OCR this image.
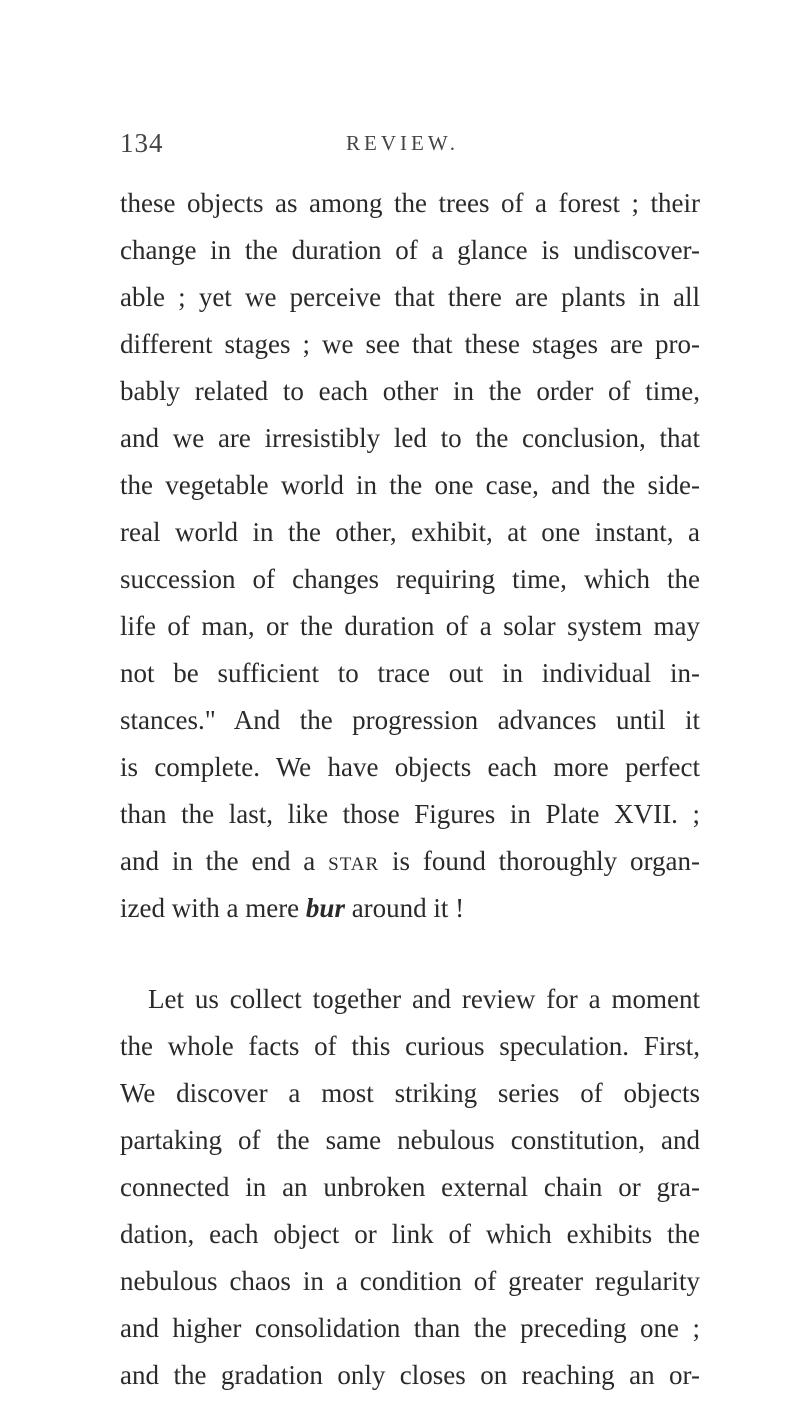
134	REVIEW.
these objects as among the trees of a forest ; their
change in the duration of a glance is undiscover-
able ; yet we perceive that there are plants in all
different stages ; we see that these stages are pro-
bably related to each other in the order of time,
and we are irresistibly led to the conclusion, that
the vegetable world in the one case, and the side-
real world in the other, exhibit, at one instant, a
succession of changes requiring time, which the
life of man, or the duration of a solar system may
not be sufficient to trace out in individual in-
stances." And the progression advances until it
is complete. We have objects each more perfect
than the last, like those Figures in Plate XVII. ;
and in the end a star is found thoroughly organ-
ized with a mere bur around it !
Let us collect together and review for a moment
the whole facts of this curious speculation. First,
We discover a most striking series of objects
partaking of the same nebulous constitution, and
connected in an unbroken external chain or gra-
dation, each object or link of which exhibits the
nebulous chaos in a condition of greater regularity
and higher consolidation than the preceding one ;
and the gradation only closes on reaching an or-
